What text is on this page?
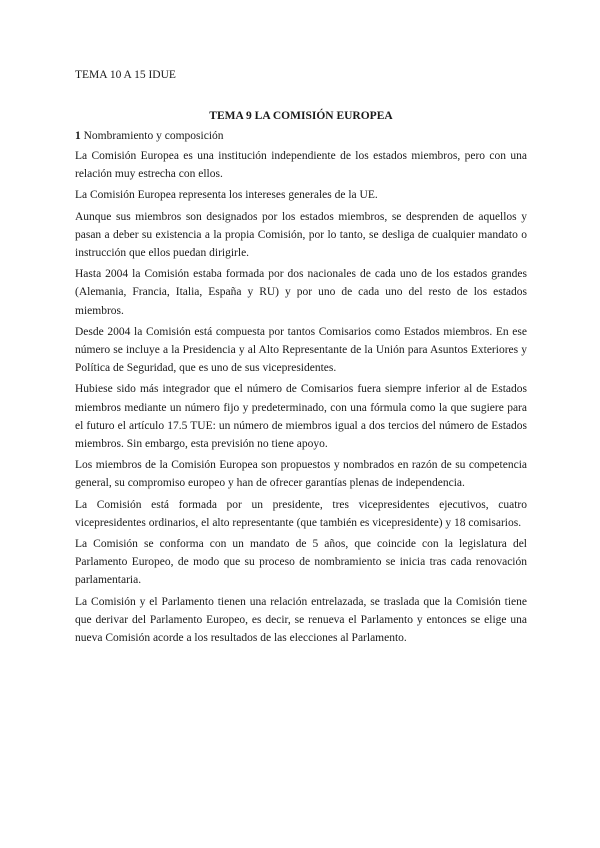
TEMA 10 A 15 IDUE
TEMA 9 LA COMISIÓN EUROPEA
1 Nombramiento y composición

La Comisión Europea es una institución independiente de los estados miembros, pero con una relación muy estrecha con ellos.

La Comisión Europea representa los intereses generales de la UE.

Aunque sus miembros son designados por los estados miembros, se desprenden de aquellos y pasan a deber su existencia a la propia Comisión, por lo tanto, se desliga de cualquier mandato o instrucción que ellos puedan dirigirle.

Hasta 2004 la Comisión estaba formada por dos nacionales de cada uno de los estados grandes (Alemania, Francia, Italia, España y RU) y por uno de cada uno del resto de los estados miembros.

Desde 2004 la Comisión está compuesta por tantos Comisarios como Estados miembros. En ese número se incluye a la Presidencia y al Alto Representante de la Unión para Asuntos Exteriores y Política de Seguridad, que es uno de sus vicepresidentes.

Hubiese sido más integrador que el número de Comisarios fuera siempre inferior al de Estados miembros mediante un número fijo y predeterminado, con una fórmula como la que sugiere para el futuro el artículo 17.5 TUE: un número de miembros igual a dos tercios del número de Estados miembros. Sin embargo, esta previsión no tiene apoyo.

Los miembros de la Comisión Europea son propuestos y nombrados en razón de su competencia general, su compromiso europeo y han de ofrecer garantías plenas de independencia.

La Comisión está formada por un presidente, tres vicepresidentes ejecutivos, cuatro vicepresidentes ordinarios, el alto representante (que también es vicepresidente) y 18 comisarios.

La Comisión se conforma con un mandato de 5 años, que coincide con la legislatura del Parlamento Europeo, de modo que su proceso de nombramiento se inicia tras cada renovación parlamentaria.

La Comisión y el Parlamento tienen una relación entrelazada, se traslada que la Comisión tiene que derivar del Parlamento Europeo, es decir, se renueva el Parlamento y entonces se elige una nueva Comisión acorde a los resultados de las elecciones al Parlamento.
